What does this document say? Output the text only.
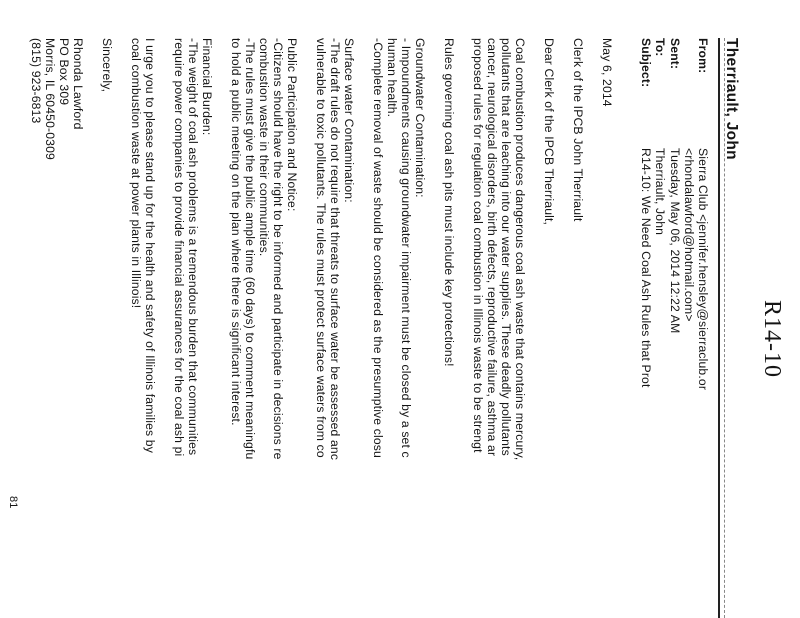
R14-10
Therriault, John
From:
Sierra Club <jennifer.hensley@sierraclub.or
<rhondalawford@hotmail.com>
Sent:
Tuesday, May 06, 2014 12:22 AM
To:
Therriault, John
Subject:
R14-10: We Need Coal Ash Rules that Prot
May 6, 2014
Clerk of the IPCB John Therriault
Dear Clerk of the IPCB Therriault,
Coal combustion produces dangerous coal ash waste that contains mercury,
pollutants that are leaching into our water supplies. These deadly pollutants
cancer, neurological disorders, birth defects, reproductive failure, asthma ar
proposed rules for regulation coal combustion in Illinois waste to be strengt
Rules governing coal ash pits must include key protections!
Groundwater Contamination:
- Impoundments causing groundwater impairment must be closed by a set c
human health.
-Complete removal of waste should be considered as the presumptive closu
Surface water Contamination:
-The draft rules do not require that threats to surface water be assessed anc
vulnerable to toxic pollutants. The rules must protect surface waters from co
Public Participation and Notice:
-Citizens should have the right to be informed and participate in decisions re
combustion waste in their communities.
-The rules must give the public ample time (60 days) to comment meaningfu
to hold a public meeting on the plan where there is significant interest.
Financial Burden:
-The weight of coal ash problems is a tremendous burden that communities
require power companies to provide financial assurances for the coal ash pi
I urge you to please stand up for the health and safety of Illinois families by
coal combustion waste at power plants in Illinois!
Sincerely,
Rhonda Lawford
PO Box 309
Morris, IL 60450-0309
(815) 923-6813
81
